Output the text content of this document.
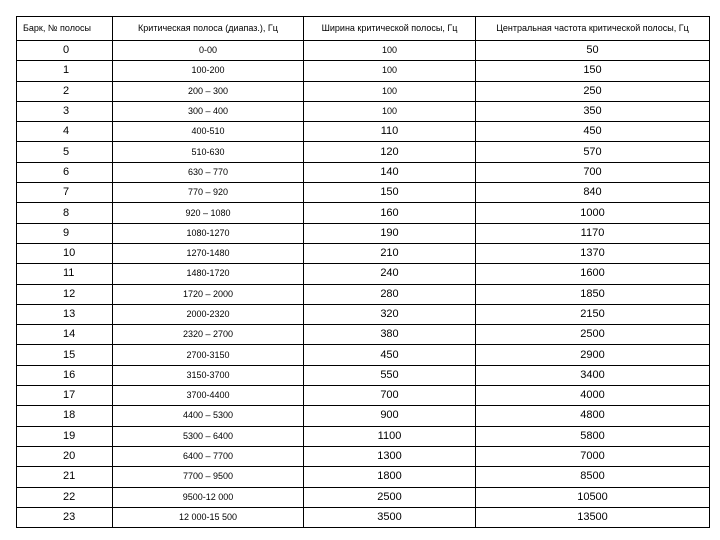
Барк, № полосы	Критическая полоса (диапаз.), Гц	Ширина критической полосы, Гц	Центральная частота критической полосы, Гц
0	0-00	100	50
1	100-200	100	150
2	200 – 300	100	250
3	300 – 400	100	350
4	400-510	110	450
5	510-630	120	570
6	630 – 770	140	700
7	770 – 920	150	840
8	920 – 1080	160	1000
9	1080-1270	190	1170
10	1270-1480	210	1370
11	1480-1720	240	1600
12	1720 – 2000	280	1850
13	2000-2320	320	2150
14	2320 – 2700	380	2500
15	2700-3150	450	2900
16	3150-3700	550	3400
17	3700-4400	700	4000
18	4400 – 5300	900	4800
19	5300 – 6400	1100	5800
20	6400 – 7700	1300	7000
21	7700 – 9500	1800	8500
22	9500-12 000	2500	10500
23	12 000-15 500	3500	13500
